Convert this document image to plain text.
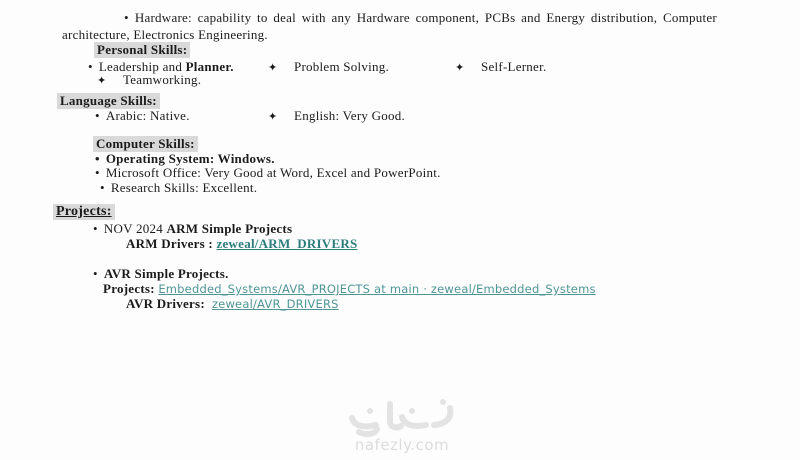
• Hardware: capability to deal with any Hardware component, PCBs and Energy distribution, Computer architecture, Electronics Engineering.

Personal Skills:
• Leadership and Planner.	✦ Problem Solving.	✦ Self-Lerner.
✦ Teamworking.
Language Skills:
• Arabic: Native.	✦ English: Very Good.
Computer Skills:
• Operating System: Windows.
• Microsoft Office: Very Good at Word, Excel and PowerPoint.
• Research Skills: Excellent.
Projects:
• NOV 2024 ARM Simple Projects
ARM Drivers : zeweal/ARM_DRIVERS
• AVR Simple Projects.
Projects: Embedded_Systems/AVR_PROJECTS at main · zeweal/Embedded_Systems
AVR Drivers: zeweal/AVR_DRIVERS
nafezly.com
